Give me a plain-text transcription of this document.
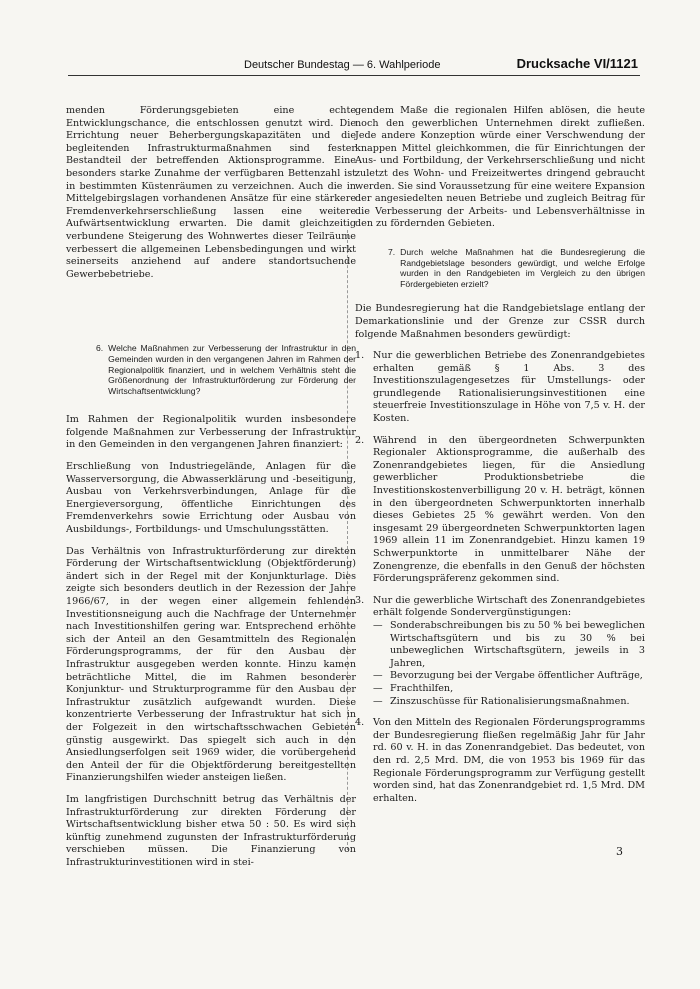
Deutscher Bundestag — 6. Wahlperiode	Drucksache VI/1121

menden Förderungsgebieten eine echte Entwicklungschance, die entschlossen genutzt wird. Die Errichtung neuer Beherbergungskapazitäten und die begleitenden Infrastrukturmaßnahmen sind fester Bestandteil der betreffenden Aktionsprogramme. Eine besonders starke Zunahme der verfügbaren Bettenzahl ist in bestimmten Küstenräumen zu verzeichnen. Auch die in Mittelgebirgslagen vorhandenen Ansätze für eine stärkere Fremdenverkehrserschließung lassen eine weitere Aufwärtsentwicklung erwarten. Die damit gleichzeitig verbundene Steigerung des Wohnwertes dieser Teilräume verbessert die allgemeinen Lebensbedingungen und wirkt seinerseits anziehend auf andere standortsuchende Gewerbebetriebe.

6. Welche Maßnahmen zur Verbesserung der Infrastruktur in den Gemeinden wurden in den vergangenen Jahren im Rahmen der Regionalpolitik finanziert, und in welchem Verhältnis steht die Größenordnung der Infrastrukturförderung zur Förderung der Wirtschaftsentwicklung?

Im Rahmen der Regionalpolitik wurden insbesondere folgende Maßnahmen zur Verbesserung der Infrastruktur in den Gemeinden in den vergangenen Jahren finanziert:

Erschließung von Industriegelände, Anlagen für die Wasserversorgung, die Abwasserklärung und -beseitigung, Ausbau von Verkehrsverbindungen, Anlage für die Energieversorgung, öffentliche Einrichtungen des Fremdenverkehrs sowie Errichtung oder Ausbau von Ausbildungs-, Fortbildungs- und Umschulungsstätten.

Das Verhältnis von Infrastrukturförderung zur direkten Förderung der Wirtschaftsentwicklung (Objektförderung) ändert sich in der Regel mit der Konjunkturlage. Dies zeigte sich besonders deutlich in der Rezession der Jahre 1966/67, in der wegen einer allgemein fehlenden Investitionsneigung auch die Nachfrage der Unternehmer nach Investitionshilfen gering war. Entsprechend erhöhte sich der Anteil an den Gesamtmitteln des Regionalen Förderungsprogramms, der für den Ausbau der Infrastruktur ausgegeben werden konnte. Hinzu kamen beträchtliche Mittel, die im Rahmen besonderer Konjunktur- und Strukturprogramme für den Ausbau der Infrastruktur zusätzlich aufgewandt wurden. Diese konzentrierte Verbesserung der Infrastruktur hat sich in der Folgezeit in den wirtschaftsschwachen Gebieten günstig ausgewirkt. Das spiegelt sich auch in den Ansiedlungserfolgen seit 1969 wider, die vorübergehend den Anteil der für die Objektförderung bereitgestellten Finanzierungshilfen wieder ansteigen ließen.

Im langfristigen Durchschnitt betrug das Verhältnis der Infrastrukturförderung zur direkten Förderung der Wirtschaftsentwicklung bisher etwa 50 : 50. Es wird sich künftig zunehmend zugunsten der Infrastrukturförderung verschieben müssen. Die Finanzierung von Infrastrukturinvestitionen wird in stei-

gendem Maße die regionalen Hilfen ablösen, die heute noch den gewerblichen Unternehmen direkt zufließen. Jede andere Konzeption würde einer Verschwendung der knappen Mittel gleichkommen, die für Einrichtungen der Aus- und Fortbildung, der Verkehrserschließung und nicht zuletzt des Wohn- und Freizeitwertes dringend gebraucht werden. Sie sind Voraussetzung für eine weitere Expansion der angesiedelten neuen Betriebe und zugleich Beitrag für die Verbesserung der Arbeits- und Lebensverhältnisse in den zu fördernden Gebieten.

7. Durch welche Maßnahmen hat die Bundesregierung die Randgebietslage besonders gewürdigt, und welche Erfolge wurden in den Randgebieten im Vergleich zu den übrigen Fördergebieten erzielt?

Die Bundesregierung hat die Randgebietslage entlang der Demarkationslinie und der Grenze zur CSSR durch folgende Maßnahmen besonders gewürdigt:

1. Nur die gewerblichen Betriebe des Zonenrandgebietes erhalten gemäß § 1 Abs. 3 des Investitionszulagengesetzes für Umstellungs- oder grundlegende Rationalisierungsinvestitionen eine steuerfreie Investitionszulage in Höhe von 7,5 v. H. der Kosten.
2. Während in den übergeordneten Schwerpunkten Regionaler Aktionsprogramme, die außerhalb des Zonenrandgebietes liegen, für die Ansiedlung gewerblicher Produktionsbetriebe die Investitionskostenverbilligung 20 v. H. beträgt, können in den übergeordneten Schwerpunktorten innerhalb dieses Gebietes 25 % gewährt werden. Von den insgesamt 29 übergeordneten Schwerpunktorten lagen 1969 allein 11 im Zonenrandgebiet. Hinzu kamen 19 Schwerpunktorte in unmittelbarer Nähe der Zonengrenze, die ebenfalls in den Genuß der höchsten Förderungspräferenz gekommen sind.
3. Nur die gewerbliche Wirtschaft des Zonenrandgebietes erhält folgende Sondervergünstigungen:
— Sonderabschreibungen bis zu 50 % bei beweglichen Wirtschaftsgütern und bis zu 30 % bei unbeweglichen Wirtschaftsgütern, jeweils in 3 Jahren,
— Bevorzugung bei der Vergabe öffentlicher Aufträge,
— Frachthilfen,
— Zinszuschüsse für Rationalisierungsmaßnahmen.
4. Von den Mitteln des Regionalen Förderungsprogramms der Bundesregierung fließen regelmäßig Jahr für Jahr rd. 60 v. H. in das Zonenrandgebiet. Das bedeutet, von den rd. 2,5 Mrd. DM, die von 1953 bis 1969 für das Regionale Förderungsprogramm zur Verfügung gestellt worden sind, hat das Zonenrandgebiet rd. 1,5 Mrd. DM erhalten.
3
